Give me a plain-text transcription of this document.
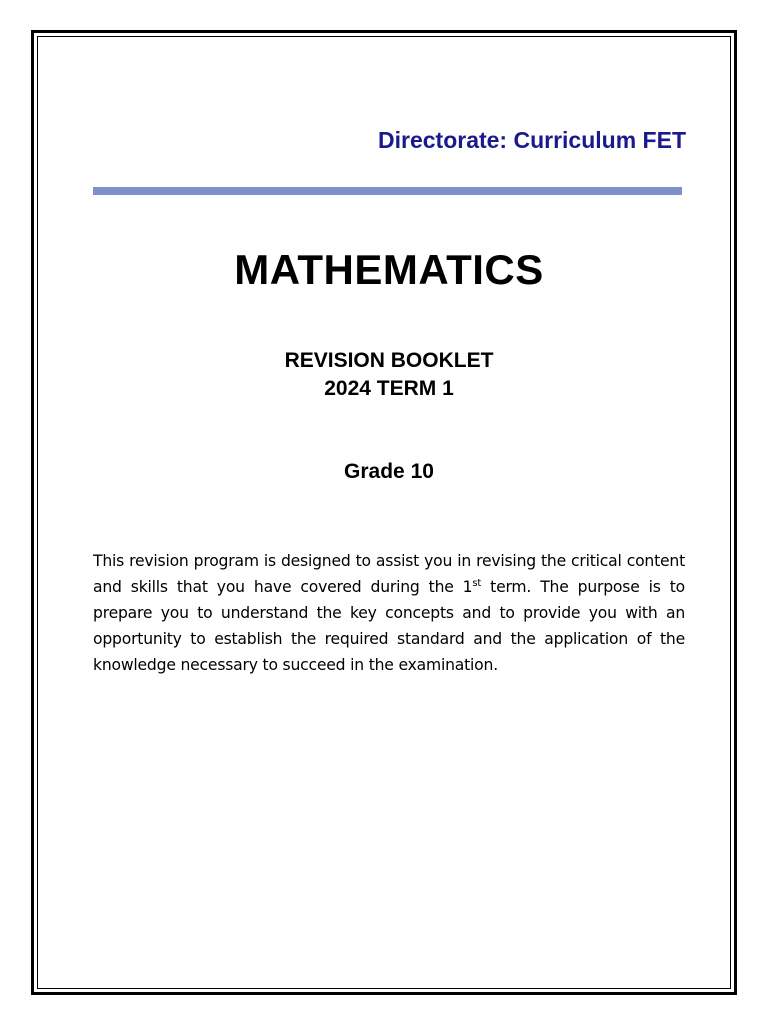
Directorate: Curriculum FET
MATHEMATICS
REVISION BOOKLET
2024 TERM 1
Grade 10

This revision program is designed to assist you in revising the critical content and skills that you have covered during the 1st term. The purpose is to prepare you to understand the key concepts and to provide you with an opportunity to establish the required standard and the application of the knowledge necessary to succeed in the examination.
